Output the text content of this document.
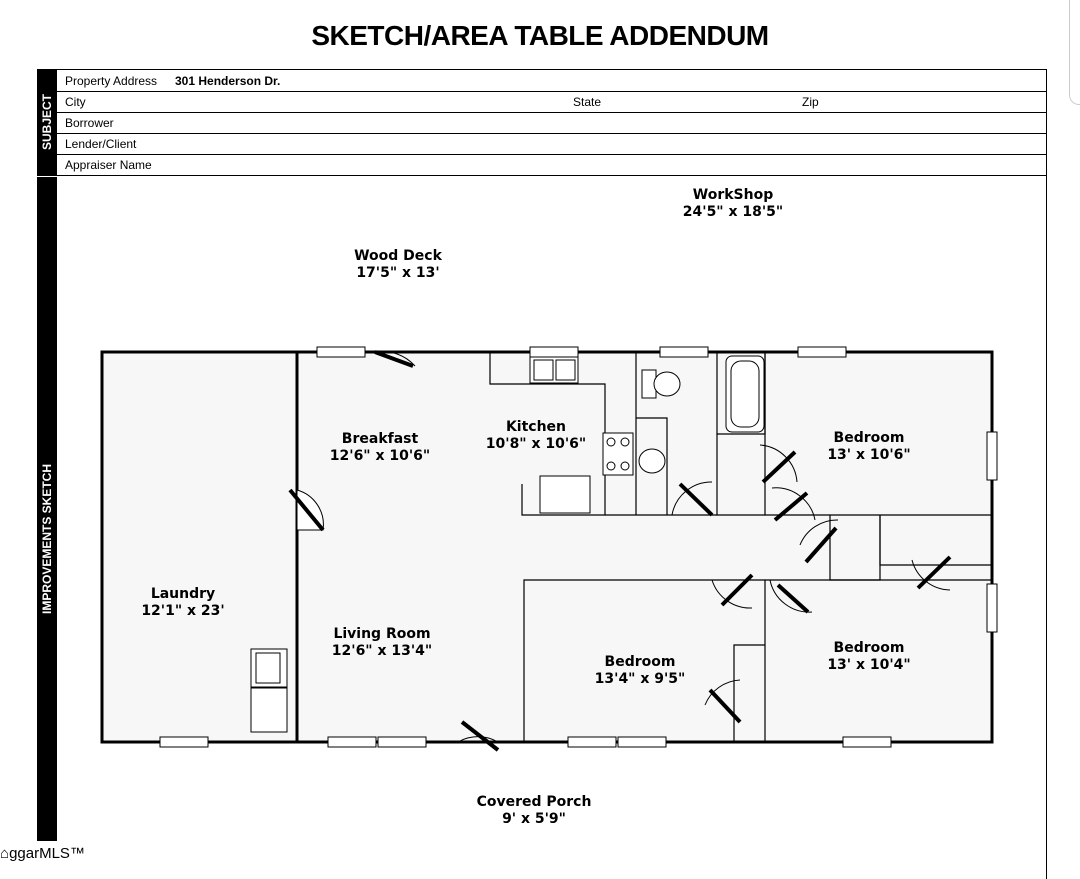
SKETCH/AREA TABLE ADDENDUM
SUBJECT
IMPROVEMENTS SKETCH
Property Address 301 Henderson Dr.
City	State	Zip
Borrower
Lender/Client
Appraiser Name
WorkShop
24'5" x 18'5"
Wood Deck
17'5" x 13'
Breakfast
12'6" x 10'6"
Kitchen
10'8" x 10'6"	Bedroom
13' x 10'6"
Laundry
12'1" x 23'
Living Room
12'6" x 13'4"
Bedroom
13'4" x 9'5"
Bedroom
13' x 10'4"
Covered Porch
9' x 5'9"
⌂ggarMLS™
